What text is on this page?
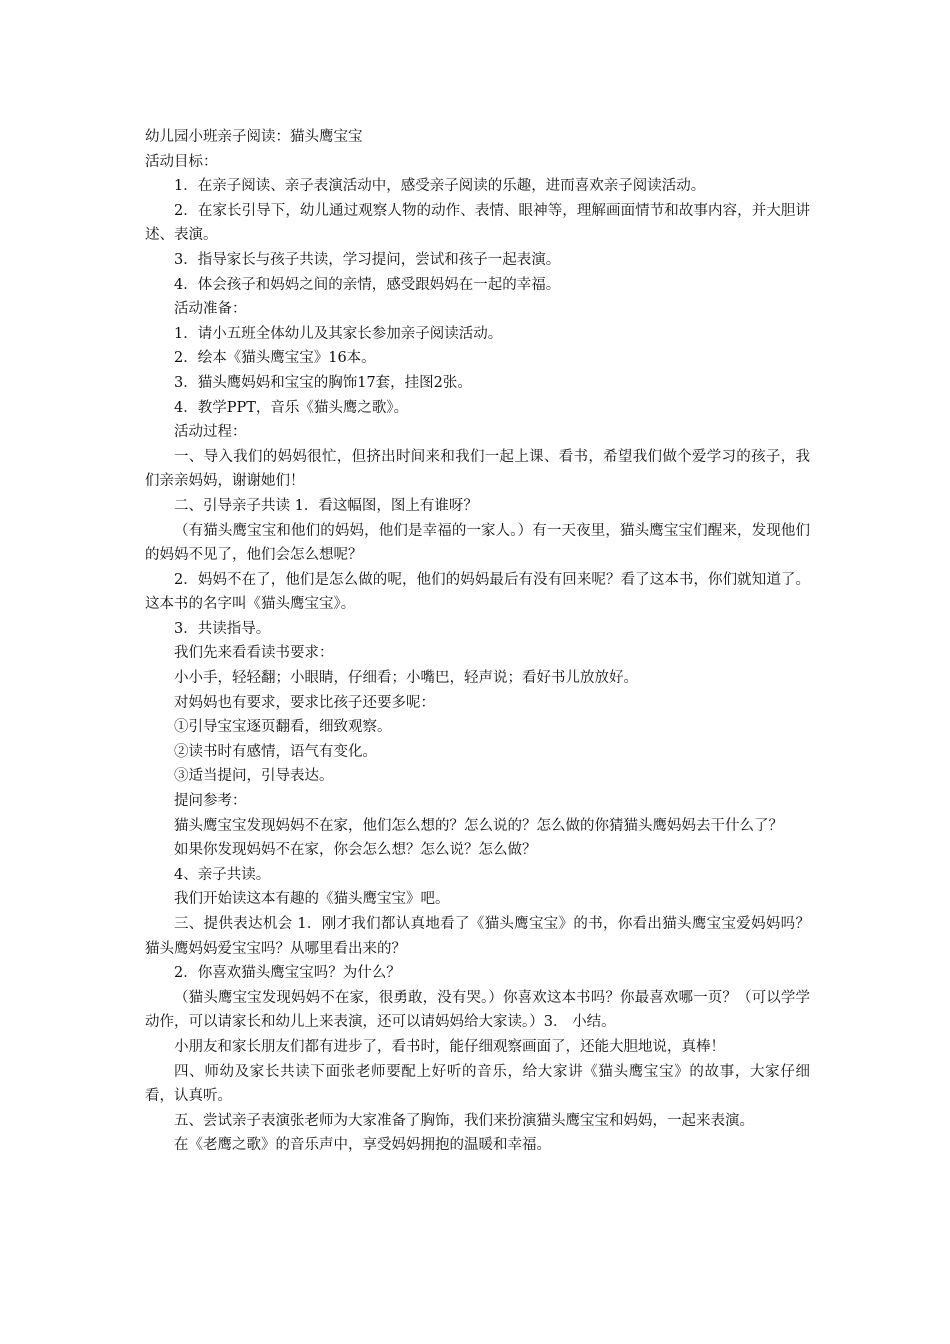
幼儿园小班亲子阅读：猫头鹰宝宝

活动目标：

1．在亲子阅读、亲子表演活动中，感受亲子阅读的乐趣，进而喜欢亲子阅读活动。

2．在家长引导下，幼儿通过观察人物的动作、表情、眼神等，理解画面情节和故事内容，并大胆讲述、表演。

3．指导家长与孩子共读，学习提问，尝试和孩子一起表演。

4．体会孩子和妈妈之间的亲情，感受跟妈妈在一起的幸福。

活动准备：

1．请小五班全体幼儿及其家长参加亲子阅读活动。

2．绘本《猫头鹰宝宝》16本。

3．猫头鹰妈妈和宝宝的胸饰17套，挂图2张。

4．教学PPT，音乐《猫头鹰之歌》。

活动过程：

一、导入我们的妈妈很忙，但挤出时间来和我们一起上课、看书，希望我们做个爱学习的孩子，我们亲亲妈妈，谢谢她们！

二、引导亲子共读 1．看这幅图，图上有谁呀？

（有猫头鹰宝宝和他们的妈妈，他们是幸福的一家人。）有一天夜里，猫头鹰宝宝们醒来，发现他们的妈妈不见了，他们会怎么想呢？

2．妈妈不在了，他们是怎么做的呢，他们的妈妈最后有没有回来呢？看了这本书，你们就知道了。这本书的名字叫《猫头鹰宝宝》。

3．共读指导。

我们先来看看读书要求：

小小手，轻轻翻；小眼睛，仔细看；小嘴巴，轻声说；看好书儿放放好。

对妈妈也有要求，要求比孩子还要多呢：

①引导宝宝逐页翻看，细致观察。

②读书时有感情，语气有变化。

③适当提问，引导表达。

提问参考：

猫头鹰宝宝发现妈妈不在家，他们怎么想的？怎么说的？怎么做的你猜猫头鹰妈妈去干什么了？

如果你发现妈妈不在家，你会怎么想？怎么说？怎么做？

4、亲子共读。

我们开始读这本有趣的《猫头鹰宝宝》吧。

三、提供表达机会 1．刚才我们都认真地看了《猫头鹰宝宝》的书，你看出猫头鹰宝宝爱妈妈吗？猫头鹰妈妈爱宝宝吗？从哪里看出来的？

2．你喜欢猫头鹰宝宝吗？为什么？

（猫头鹰宝宝发现妈妈不在家，很勇敢，没有哭。）你喜欢这本书吗？你最喜欢哪一页？（可以学学动作，可以请家长和幼儿上来表演，还可以请妈妈给大家读。）3． 小结。

小朋友和家长朋友们都有进步了，看书时，能仔细观察画面了，还能大胆地说，真棒！

四、师幼及家长共读下面张老师要配上好听的音乐，给大家讲《猫头鹰宝宝》的故事，大家仔细看，认真听。

五、尝试亲子表演张老师为大家准备了胸饰，我们来扮演猫头鹰宝宝和妈妈，一起来表演。

在《老鹰之歌》的音乐声中，享受妈妈拥抱的温暖和幸福。
